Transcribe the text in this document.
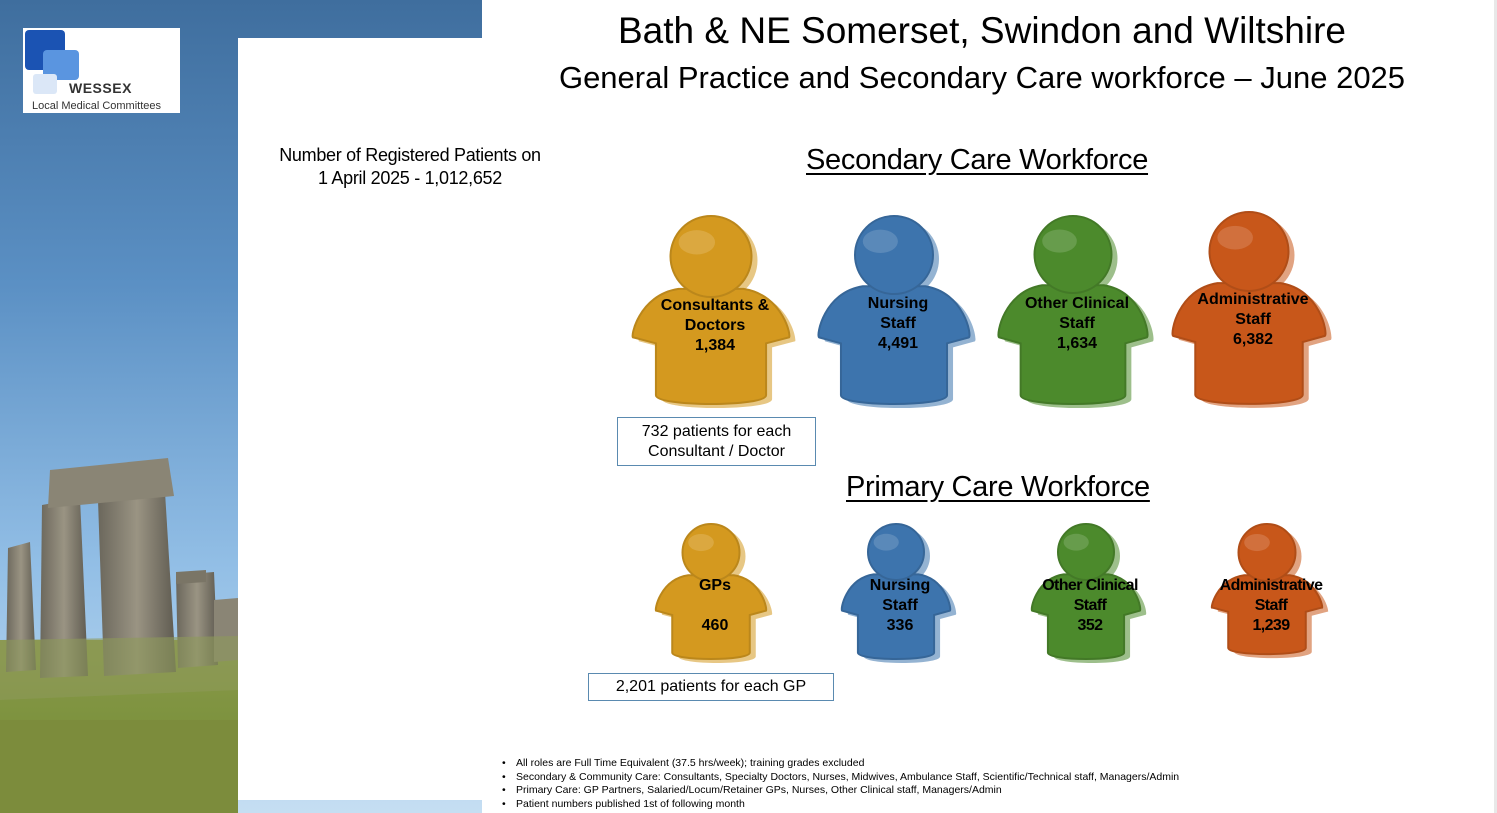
WESSEX
Local Medical Committees
Bath & NE Somerset, Swindon and Wiltshire
General Practice and Secondary Care workforce – June 2025
Number of Registered Patients on
1 April 2025 - 1,012,652
Secondary Care Workforce
Consultants &
Doctors
1,384
Nursing
Staff
4,491
Other Clinical
Staff
1,634
Administrative
Staff
6,382
732 patients for each
Consultant / Doctor
Primary Care Workforce
GPs
460
Nursing
Staff
336
Other Clinical
Staff
352
Administrative
Staff
1,239
2,201 patients for each GP
• All roles are Full Time Equivalent (37.5 hrs/week); training grades excluded
• Secondary & Community Care: Consultants, Specialty Doctors, Nurses, Midwives, Ambulance Staff, Scientific/Technical staff, Managers/Admin
• Primary Care: GP Partners, Salaried/Locum/Retainer GPs, Nurses, Other Clinical staff, Managers/Admin
• Patient numbers published 1st of following month
